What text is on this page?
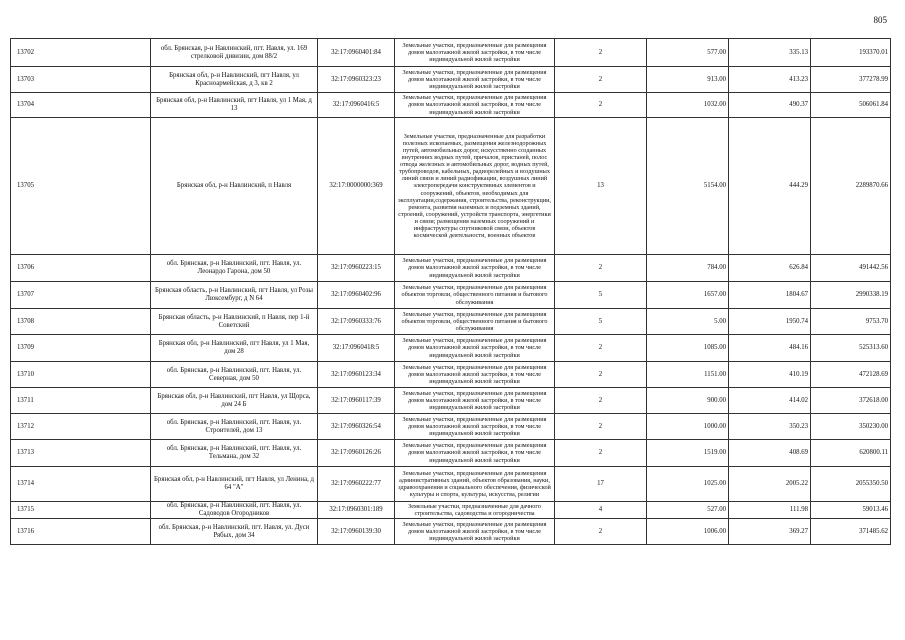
805
13702	обл. Брянская, р-н Навлинский, пгт. Навля, ул. 169 стрелковой дивизии, дом 88/2	32:17:0960401:84	Земельные участки, предназначенные для размещения домов малоэтажной жилой застройки, в том числе индивидуальной жилой застройки	2	577.00	335.13	193370.01
13703	Брянская обл, р-н Навлинский, пгт Навля, ул Красноармейская, д 3, кв 2	32:17:0960323:23	Земельные участки, предназначенные для размещения домов малоэтажной жилой застройки, в том числе индивидуальной жилой застройки	2	913.00	413.23	377278.99
13704	Брянская обл, р-н Навлинский, пгт Навля, ул 1 Мая, д 13	32:17:0960416:5	Земельные участки, предназначенные для размещения домов малоэтажной жилой застройки, в том числе индивидуальной жилой застройки	2	1032.00	490.37	506061.84
13705	Брянская обл, р-н Навлинский, п Навля	32:17:0000000:369	Земельные участки, предназначенные для разработки полезных ископаемых, размещения железнодорожных путей, автомобильных дорог, искусственно созданных внутренних водных путей, причалов, пристаней, полос отвода железных и автомобильных дорог, водных путей, трубопроводов, кабельных, радиорелейных и воздушных линий связи и линий радиофикации, воздушных линий электропередачи конструктивных элементов и сооружений, объектов, необходимых для эксплуатации,содержания, строительства, реконструкции, ремонта, развития наземных и подземных зданий, строений, сооружений, устройств транспорта, энергетики и связи; размещения наземных сооружений и инфраструктуры спутниковой связи, объектов космической деятельности, военных объектов	13	5154.00	444.29	2289870.66
13706	обл. Брянская, р-н Навлинский, пгт. Навля, ул. Леонардо Гарона, дом 50	32:17:0960223:15	Земельные участки, предназначенные для размещения домов малоэтажной жилой застройки, в том числе индивидуальной жилой застройки	2	784.00	626.84	491442.56
13707	Брянская область, р-н Навлинский, пгт Навля, ул Розы Люксембург, д N 64	32:17:0960402:96	Земельные участки, предназначенные для размещения объектов торговли, общественного питания и бытового обслуживания	5	1657.00	1804.67	2990338.19
13708	Брянская область, р-н Навлинский, п Навля, пер 1-й Советский	32:17:0960333:76	Земельные участки, предназначенные для размещения объектов торговли, общественного питания и бытового обслуживания	5	5.00	1950.74	9753.70
13709	Брянская обл, р-н Навлинский, пгт Навля, ул 1 Мая, дом 28	32:17:0960418:5	Земельные участки, предназначенные для размещения домов малоэтажной жилой застройки, в том числе индивидуальной жилой застройки	2	1085.00	484.16	525313.60
13710	обл. Брянская, р-н Навлинский, пгт. Навля, ул. Северная, дом 50	32:17:0960123:34	Земельные участки, предназначенные для размещения домов малоэтажной жилой застройки, в том числе индивидуальной жилой застройки	2	1151.00	410.19	472128.69
13711	Брянская обл, р-н Навлинский, пгт Навля, ул Щорса, дом 24 Б	32:17:0960117:39	Земельные участки, предназначенные для размещения домов малоэтажной жилой застройки, в том числе индивидуальной жилой застройки	2	900.00	414.02	372618.00
13712	обл. Брянская, р-н Навлинский, пгт. Навля, ул. Строителей, дом 13	32:17:0960326:54	Земельные участки, предназначенные для размещения домов малоэтажной жилой застройки, в том числе индивидуальной жилой застройки	2	1000.00	350.23	350230.00
13713	обл. Брянская, р-н Навлинский, пгт. Навля, ул. Тельмана, дом 32	32:17:0960126:26	Земельные участки, предназначенные для размещения домов малоэтажной жилой застройки, в том числе индивидуальной жилой застройки	2	1519.00	408.69	620800.11
13714	Брянская обл, р-н Навлинский, пгт Навля, ул Ленина, д 64 "А"	32:17:0960222:77	Земельные участки, предназначенные для размещения административных зданий, объектов образования, науки, здравоохранения и социального обеспечения, физической культуры и спорта, культуры, искусства, религии	17	1025.00	2005.22	2055350.50
13715	обл. Брянская, р-н Навлинский, пгт. Навля, ул. Садоводов Огородников	32:17:0960301:189	Земельные участки, предназначенные для дачного строительства, садоводства и огородничества	4	527.00	111.98	59013.46
13716	обл. Брянская, р-н Навлинский, пгт. Навля, ул. Дуси Рябых, дом 34	32:17:0960139:30	Земельные участки, предназначенные для размещения домов малоэтажной жилой застройки, в том числе индивидуальной жилой застройки	2	1006.00	369.27	371485.62
